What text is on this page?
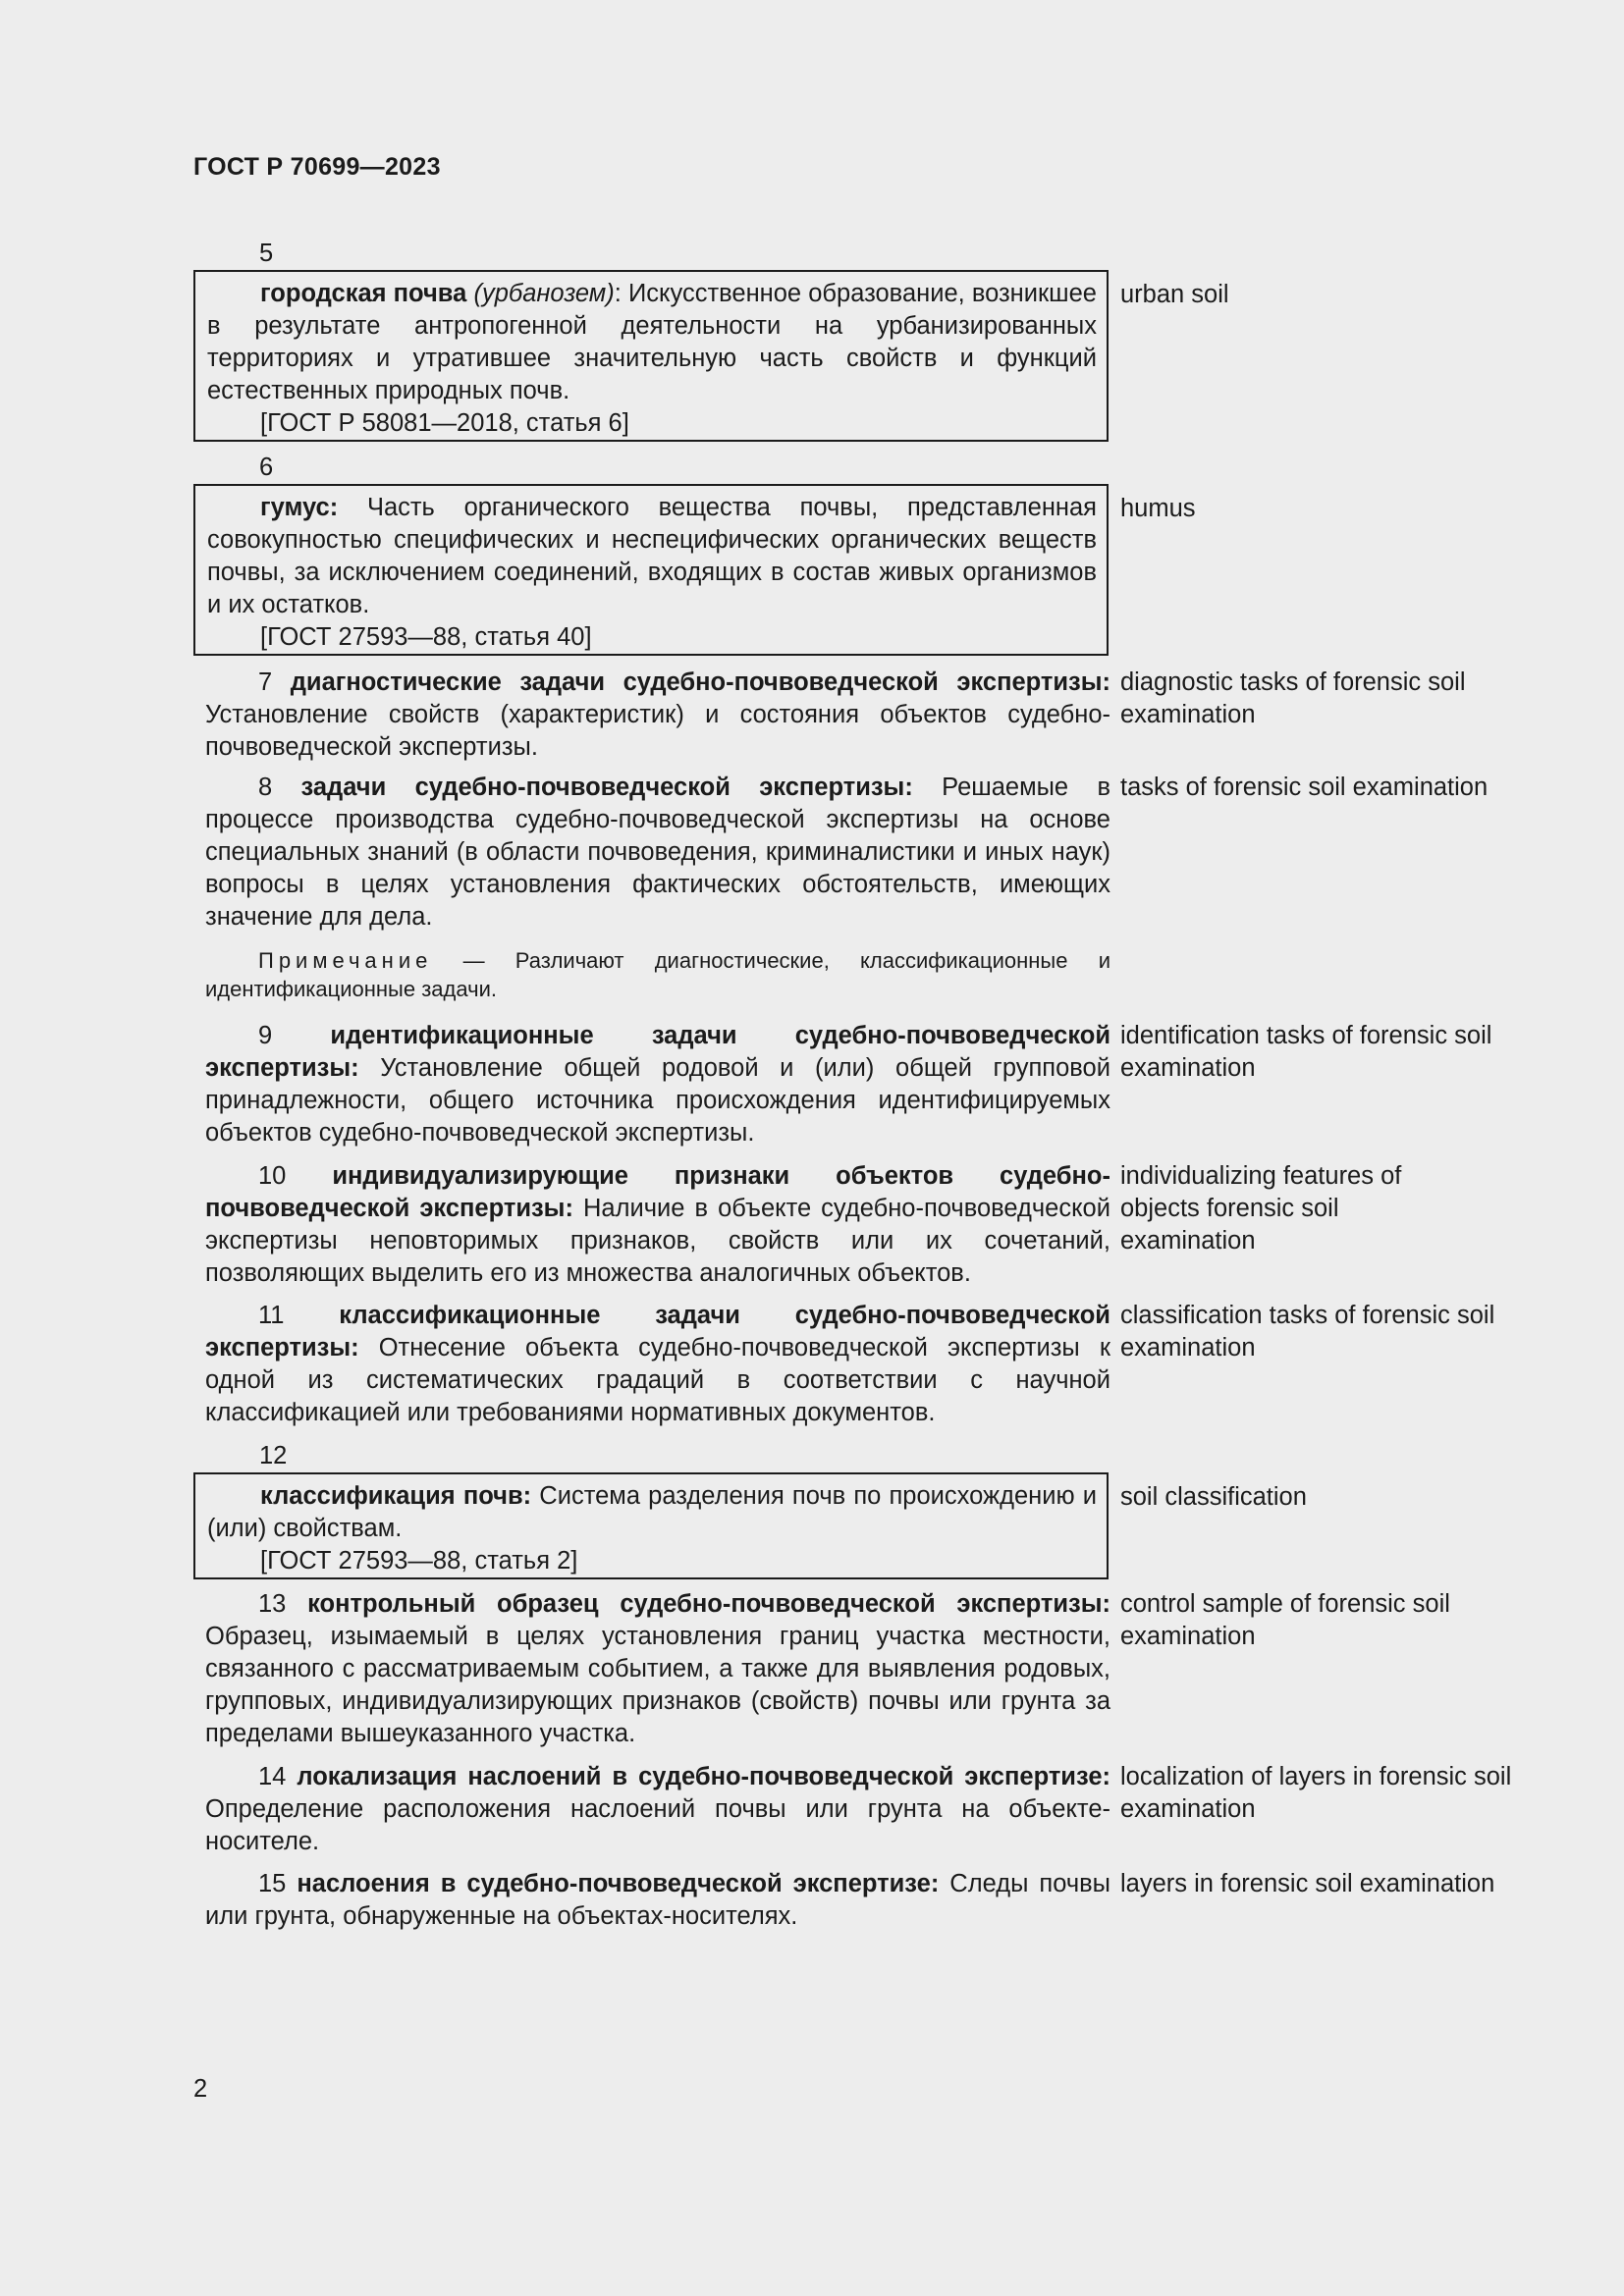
ГОСТ Р 70699—2023
5

городская почва (урбанозем): Искусственное образование, возникшее в результате антропогенной деятельности на урбанизированных территориях и утратившее значительную часть свойств и функций естественных природных почв.

[ГОСТ Р 58081—2018, статья 6]
urban soil
6

гумус: Часть органического вещества почвы, представленная совокупностью специфических и неспецифических органических веществ почвы, за исключением соединений, входящих в состав живых организмов и их остатков.

[ГОСТ 27593—88, статья 40]
humus

7 диагностические задачи судебно-почвоведческой экспертизы: Установление свойств (характеристик) и состояния объектов судебно-почвоведческой экспертизы.

diagnostic tasks of forensic soil examination

8 задачи судебно-почвоведческой экспертизы: Решаемые в процессе производства судебно-почвоведческой экспертизы на основе специальных знаний (в области почвоведения, криминалистики и иных наук) вопросы в целях установления фактических обстоятельств, имеющих значение для дела.

Примечание — Различают диагностические, классификационные и идентификационные задачи.

tasks of forensic soil examination

9 идентификационные задачи судебно-почвоведческой экспертизы: Установление общей родовой и (или) общей групповой принадлежности, общего источника происхождения идентифицируемых объектов судебно-почвоведческой экспертизы.

identification tasks of forensic soil examination

10 индивидуализирующие признаки объектов судебно-почвоведческой экспертизы: Наличие в объекте судебно-почвоведческой экспертизы неповторимых признаков, свойств или их сочетаний, позволяющих выделить его из множества аналогичных объектов.

individualizing features of objects forensic soil examination

11 классификационные задачи судебно-почвоведческой экспертизы: Отнесение объекта судебно-почвоведческой экспертизы к одной из систематических градаций в соответствии с научной классификацией или требованиями нормативных документов.

classification tasks of forensic soil examination
12

классификация почв: Система разделения почв по происхождению и (или) свойствам.

[ГОСТ 27593—88, статья 2]
soil classification

13 контрольный образец судебно-почвоведческой экспертизы: Образец, изымаемый в целях установления границ участка местности, связанного с рассматриваемым событием, а также для выявления родовых, групповых, индивидуализирующих признаков (свойств) почвы или грунта за пределами вышеуказанного участка.

control sample of forensic soil examination

14 локализация наслоений в судебно-почвоведческой экспертизе: Определение расположения наслоений почвы или грунта на объекте-носителе.

localization of layers in forensic soil examination

15 наслоения в судебно-почвоведческой экспертизе: Следы почвы или грунта, обнаруженные на объектах-носителях.

layers in forensic soil examination
2
